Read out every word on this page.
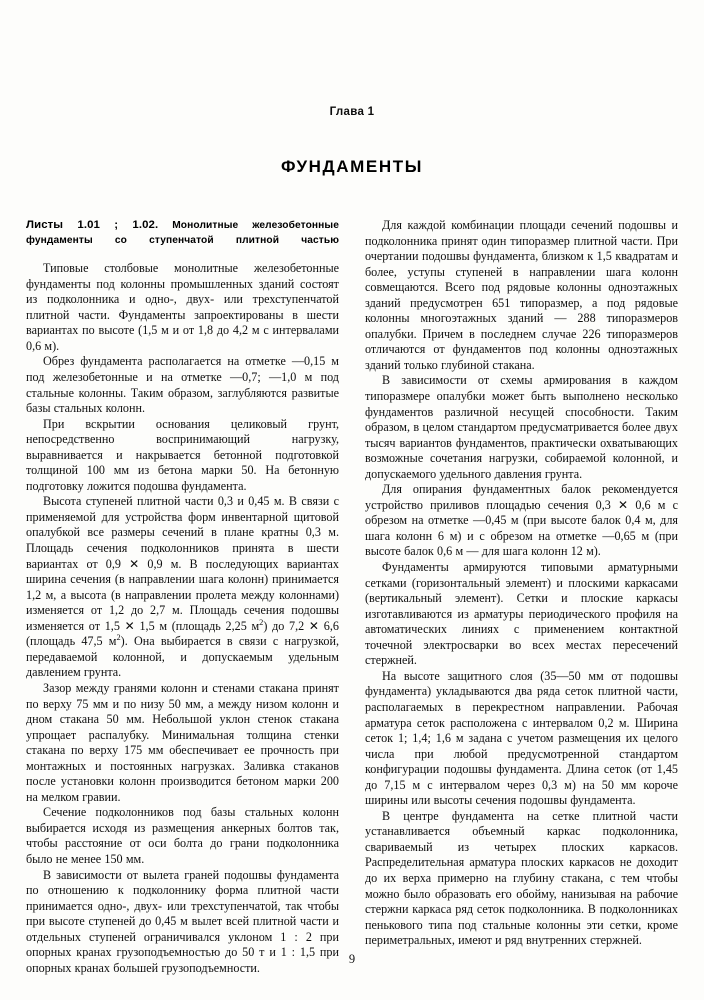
Глава 1
ФУНДАМЕНТЫ

Листы 1.01 ; 1.02. Монолитные железобетонные фундаменты со ступенчатой плитной частью

Типовые столбовые монолитные железобетонные фундаменты под колонны промышленных зданий состоят из подколонника и одно-, двух- или трехступенчатой плитной части. Фундаменты запроектированы в шести вариантах по высоте (1,5 м и от 1,8 до 4,2 м с интервалами 0,6 м).

Обрез фундамента располагается на отметке —0,15 м под железобетонные и на отметке —0,7; —1,0 м под стальные колонны. Таким образом, заглубляются развитые базы стальных колонн.

При вскрытии основания целиковый грунт, непосредственно воспринимающий нагрузку, выравнивается и накрывается бетонной подготовкой толщиной 100 мм из бетона марки 50. На бетонную подготовку ложится подошва фундамента.

Высота ступеней плитной части 0,3 и 0,45 м. В связи с применяемой для устройства форм инвентарной щитовой опалубкой все размеры сечений в плане кратны 0,3 м. Площадь сечения подколонников принята в шести вариантах от 0,9 ✕ 0,9 м. В последующих вариантах ширина сечения (в направлении шага колонн) принимается 1,2 м, а высота (в направлении пролета между колоннами) изменяется от 1,2 до 2,7 м. Площадь сечения подошвы изменяется от 1,5 ✕ 1,5 м (площадь 2,25 $м^2$) до 7,2 ✕ 6,6 (площадь 47,5 $м^2$). Она выбирается в связи с нагрузкой, передаваемой колонной, и допускаемым удельным давлением грунта.

Зазор между гранями колонн и стенами стакана принят по верху 75 мм и по низу 50 мм, а между низом колонн и дном стакана 50 мм. Небольшой уклон стенок стакана упрощает распалубку. Минимальная толщина стенки стакана по верху 175 мм обеспечивает ее прочность при монтажных и постоянных нагрузках. Заливка стаканов после установки колонн производится бетоном марки 200 на мелком гравии.

Сечение подколонников под базы стальных колонн выбирается исходя из размещения анкерных болтов так, чтобы расстояние от оси болта до грани подколонника было не менее 150 мм.

В зависимости от вылета граней подошвы фундамента по отношению к подколоннику форма плитной части принимается одно-, двух- или трехступенчатой, так чтобы при высоте ступеней до 0,45 м вылет всей плитной части и отдельных ступеней ограничивался уклоном 1 : 2 при опорных кранах грузоподъемностью до 50 т и 1 : 1,5 при опорных кранах большей грузоподъемности.

Для каждой комбинации площади сечений подошвы и подколонника принят один типоразмер плитной части. При очертании подошвы фундамента, близком к 1,5 квадратам и более, уступы ступеней в направлении шага колонн совмещаются. Всего под рядовые колонны одноэтажных зданий предусмотрен 651 типоразмер, а под рядовые колонны многоэтажных зданий — 288 типоразмеров опалубки. Причем в последнем случае 226 типоразмеров отличаются от фундаментов под колонны одноэтажных зданий только глубиной стакана.

В зависимости от схемы армирования в каждом типоразмере опалубки может быть выполнено несколько фундаментов различной несущей способности. Таким образом, в целом стандартом предусматривается более двух тысяч вариантов фундаментов, практически охватывающих возможные сочетания нагрузки, собираемой колонной, и допускаемого удельного давления грунта.

Для опирания фундаментных балок рекомендуется устройство приливов площадью сечения 0,3 ✕ 0,6 м с обрезом на отметке —0,45 м (при высоте балок 0,4 м, для шага колонн 6 м) и с обрезом на отметке —0,65 м (при высоте балок 0,6 м — для шага колонн 12 м).

Фундаменты армируются типовыми арматурными сетками (горизонтальный элемент) и плоскими каркасами (вертикальный элемент). Сетки и плоские каркасы изготавливаются из арматуры периодического профиля на автоматических линиях с применением контактной точечной электросварки во всех местах пересечений стержней.

На высоте защитного слоя (35—50 мм от подошвы фундамента) укладываются два ряда сеток плитной части, располагаемых в перекрестном направлении. Рабочая арматура сеток расположена с интервалом 0,2 м. Ширина сеток 1; 1,4; 1,6 м задана с учетом размещения их целого числа при любой предусмотренной стандартом конфигурации подошвы фундамента. Длина сеток (от 1,45 до 7,15 м с интервалом через 0,3 м) на 50 мм короче ширины или высоты сечения подошвы фундамента.

В центре фундамента на сетке плитной части устанавливается объемный каркас подколонника, свариваемый из четырех плоских каркасов. Распределительная арматура плоских каркасов не доходит до их верха примерно на глубину стакана, с тем чтобы можно было образовать его обойму, нанизывая на рабочие стержни каркаса ряд сеток подколонника. В подколонниках пенькового типа под стальные колонны эти сетки, кроме периметральных, имеют и ряд внутренних стержней.

9
